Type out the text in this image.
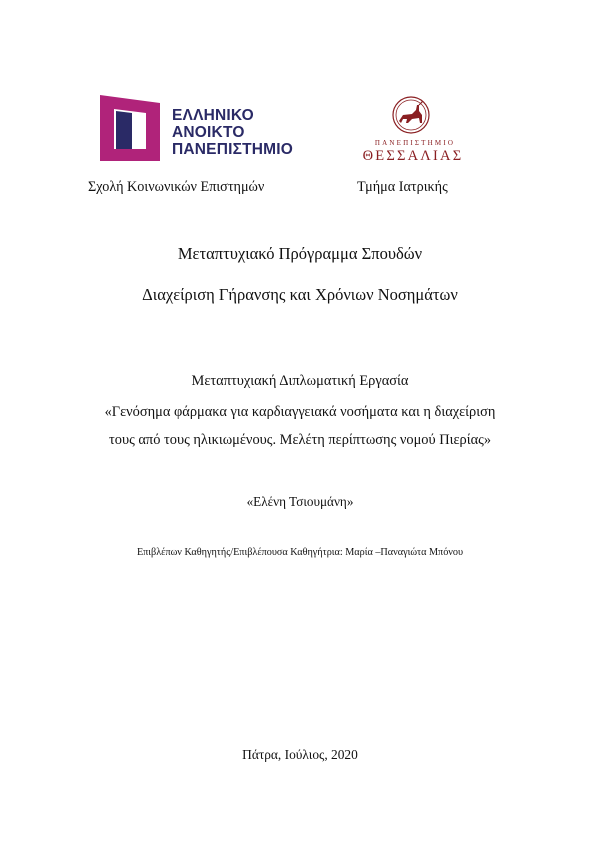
ΕΛΛΗΝΙΚΟ
ΑΝΟΙΚΤΟ
ΠΑΝΕΠΙΣΤΗΜΙΟ	ΠΑΝΕΠΙΣΤΗΜΙΟ
ΘΕΣΣΑΛΙΑΣ
Σχολή Κοινωνικών Επιστημών	Τμήμα Ιατρικής
Μεταπτυχιακό Πρόγραμμα Σπουδών
Διαχείριση Γήρανσης και Χρόνιων Νοσημάτων
Μεταπτυχιακή Διπλωματική Εργασία
«Γενόσημα φάρμακα για καρδιαγγειακά νοσήματα και η διαχείριση
τους από τους ηλικιωμένους. Μελέτη περίπτωσης νομού Πιερίας»
«Ελένη Τσιουμάνη»
Επιβλέπων Καθηγητής/Επιβλέπουσα Καθηγήτρια: Μαρία –Παναγιώτα Μπόνου
Πάτρα, Ιούλιος, 2020
